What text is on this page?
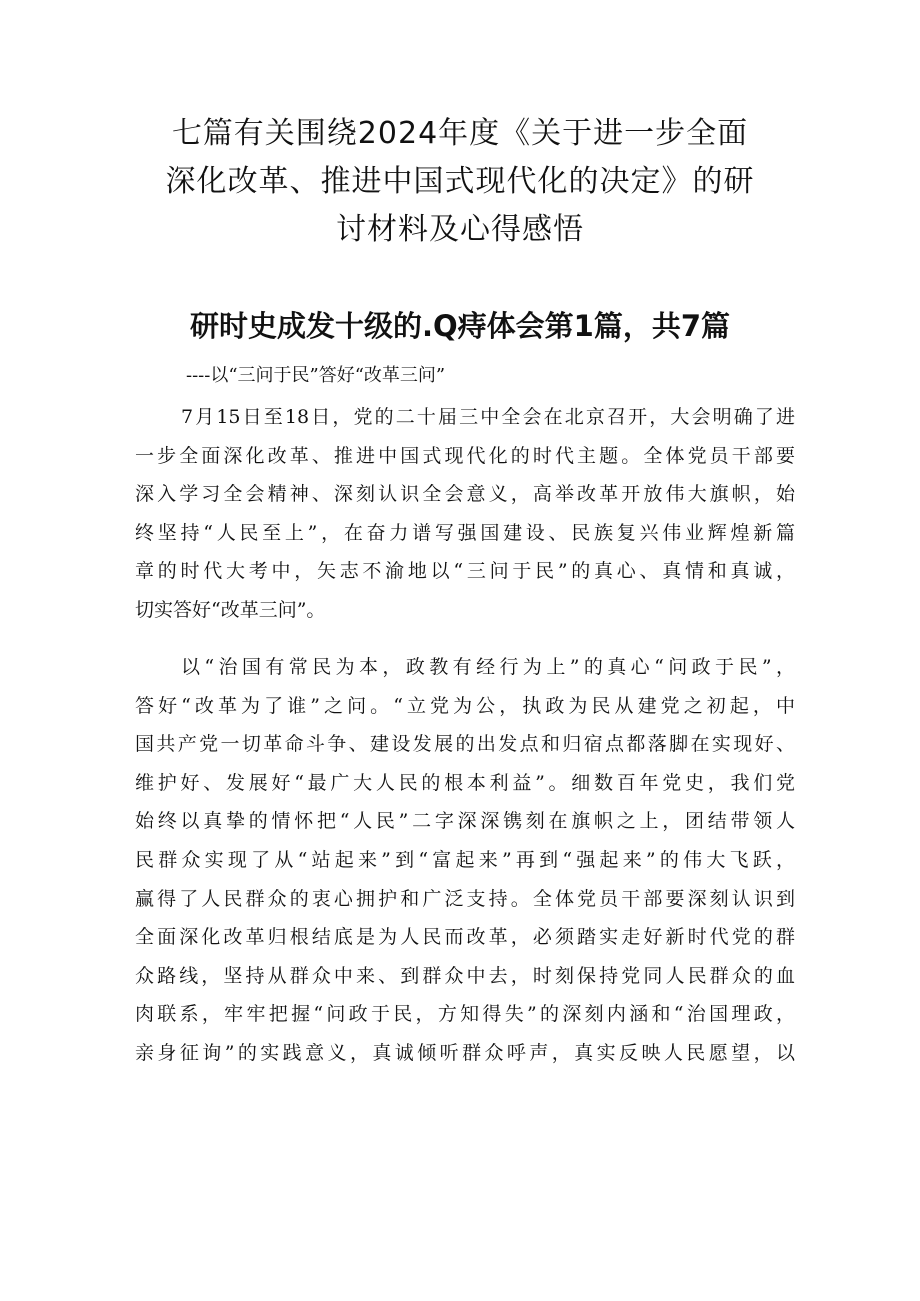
七篇有关围绕2024年度《关于进一步全面
深化改革、推进中国式现代化的决定》的研
讨材料及心得感悟
研时史成发十级的.Q痔体会第1篇，共7篇

----以“三问于民”答好“改革三问”

7月15日至18日，党的二十届三中全会在北京召开，大会明确了进
一步全面深化改革、推进中国式现代化的时代主题。全体党员干部要
深入学习全会精神、深刻认识全会意义，高举改革开放伟大旗帜，始
终坚持“人民至上”，在奋力谱写强国建设、民族复兴伟业辉煌新篇
章的时代大考中，矢志不渝地以“三问于民”的真心、真情和真诚，
切实答好“改革三问”。
以“治国有常民为本，政教有经行为上”的真心“问政于民”，
答好“改革为了谁”之问。“立党为公，执政为民从建党之初起，中
国共产党一切革命斗争、建设发展的出发点和归宿点都落脚在实现好、
维护好、发展好“最广大人民的根本利益”。细数百年党史，我们党
始终以真挚的情怀把“人民”二字深深镌刻在旗帜之上，团结带领人
民群众实现了从“站起来”到“富起来”再到“强起来”的伟大飞跃，
赢得了人民群众的衷心拥护和广泛支持。全体党员干部要深刻认识到
全面深化改革归根结底是为人民而改革，必须踏实走好新时代党的群
众路线，坚持从群众中来、到群众中去，时刻保持党同人民群众的血
肉联系，牢牢把握“问政于民，方知得失”的深刻内涵和“治国理政，
亲身征询”的实践意义，真诚倾听群众呼声，真实反映人民愿望，以
